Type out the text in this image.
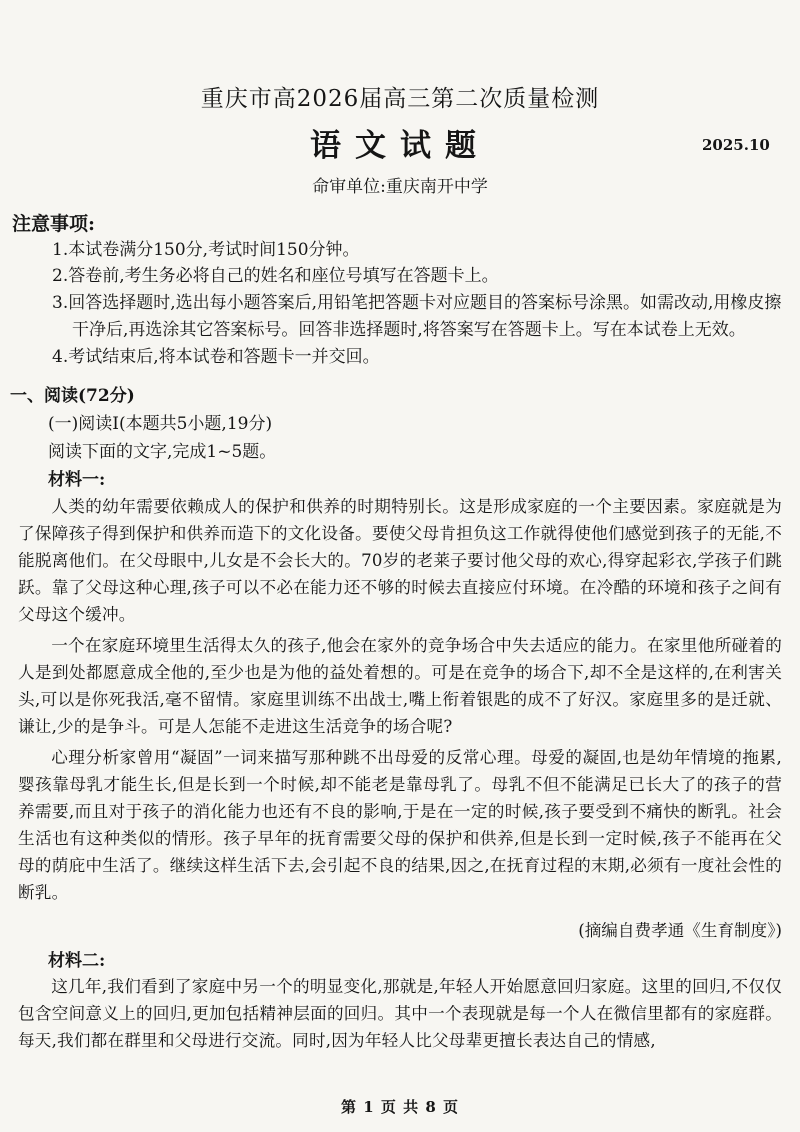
重庆市高2026届高三第二次质量检测
语文试题	2025.10
命审单位:重庆南开中学
注意事项:
1.本试卷满分150分,考试时间150分钟。
2.答卷前,考生务必将自己的姓名和座位号填写在答题卡上。
3.回答选择题时,选出每小题答案后,用铅笔把答题卡对应题目的答案标号涂黑。如需改动,用橡皮擦
干净后,再选涂其它答案标号。回答非选择题时,将答案写在答题卡上。写在本试卷上无效。
4.考试结束后,将本试卷和答题卡一并交回。
一、阅读(72分)
(一)阅读Ⅰ(本题共5小题,19分)
阅读下面的文字,完成1~5题。
材料一:
人类的幼年需要依赖成人的保护和供养的时期特别长。这是形成家庭的一个主要因素。家庭就是为了保障孩子得到保护和供养而造下的文化设备。要使父母肯担负这工作就得使他们感觉到孩子的无能,不能脱离他们。在父母眼中,儿女是不会长大的。70岁的老莱子要讨他父母的欢心,得穿起彩衣,学孩子们跳跃。靠了父母这种心理,孩子可以不必在能力还不够的时候去直接应付环境。在冷酷的环境和孩子之间有父母这个缓冲。
一个在家庭环境里生活得太久的孩子,他会在家外的竞争场合中失去适应的能力。在家里他所碰着的人是到处都愿意成全他的,至少也是为他的益处着想的。可是在竞争的场合下,却不全是这样的,在利害关头,可以是你死我活,毫不留情。家庭里训练不出战士,嘴上衔着银匙的成不了好汉。家庭里多的是迁就、谦让,少的是争斗。可是人怎能不走进这生活竞争的场合呢?
心理分析家曾用“凝固”一词来描写那种跳不出母爱的反常心理。母爱的凝固,也是幼年情境的拖累,婴孩靠母乳才能生长,但是长到一个时候,却不能老是靠母乳了。母乳不但不能满足已长大了的孩子的营养需要,而且对于孩子的消化能力也还有不良的影响,于是在一定的时候,孩子要受到不痛快的断乳。社会生活也有这种类似的情形。孩子早年的抚育需要父母的保护和供养,但是长到一定时候,孩子不能再在父母的荫庇中生活了。继续这样生活下去,会引起不良的结果,因之,在抚育过程的末期,必须有一度社会性的断乳。
(摘编自费孝通《生育制度》)
材料二:
这几年,我们看到了家庭中另一个的明显变化,那就是,年轻人开始愿意回归家庭。这里的回归,不仅仅包含空间意义上的回归,更加包括精神层面的回归。其中一个表现就是每一个人在微信里都有的家庭群。每天,我们都在群里和父母进行交流。同时,因为年轻人比父母辈更擅长表达自己的情感,
第 1 页 共 8 页
